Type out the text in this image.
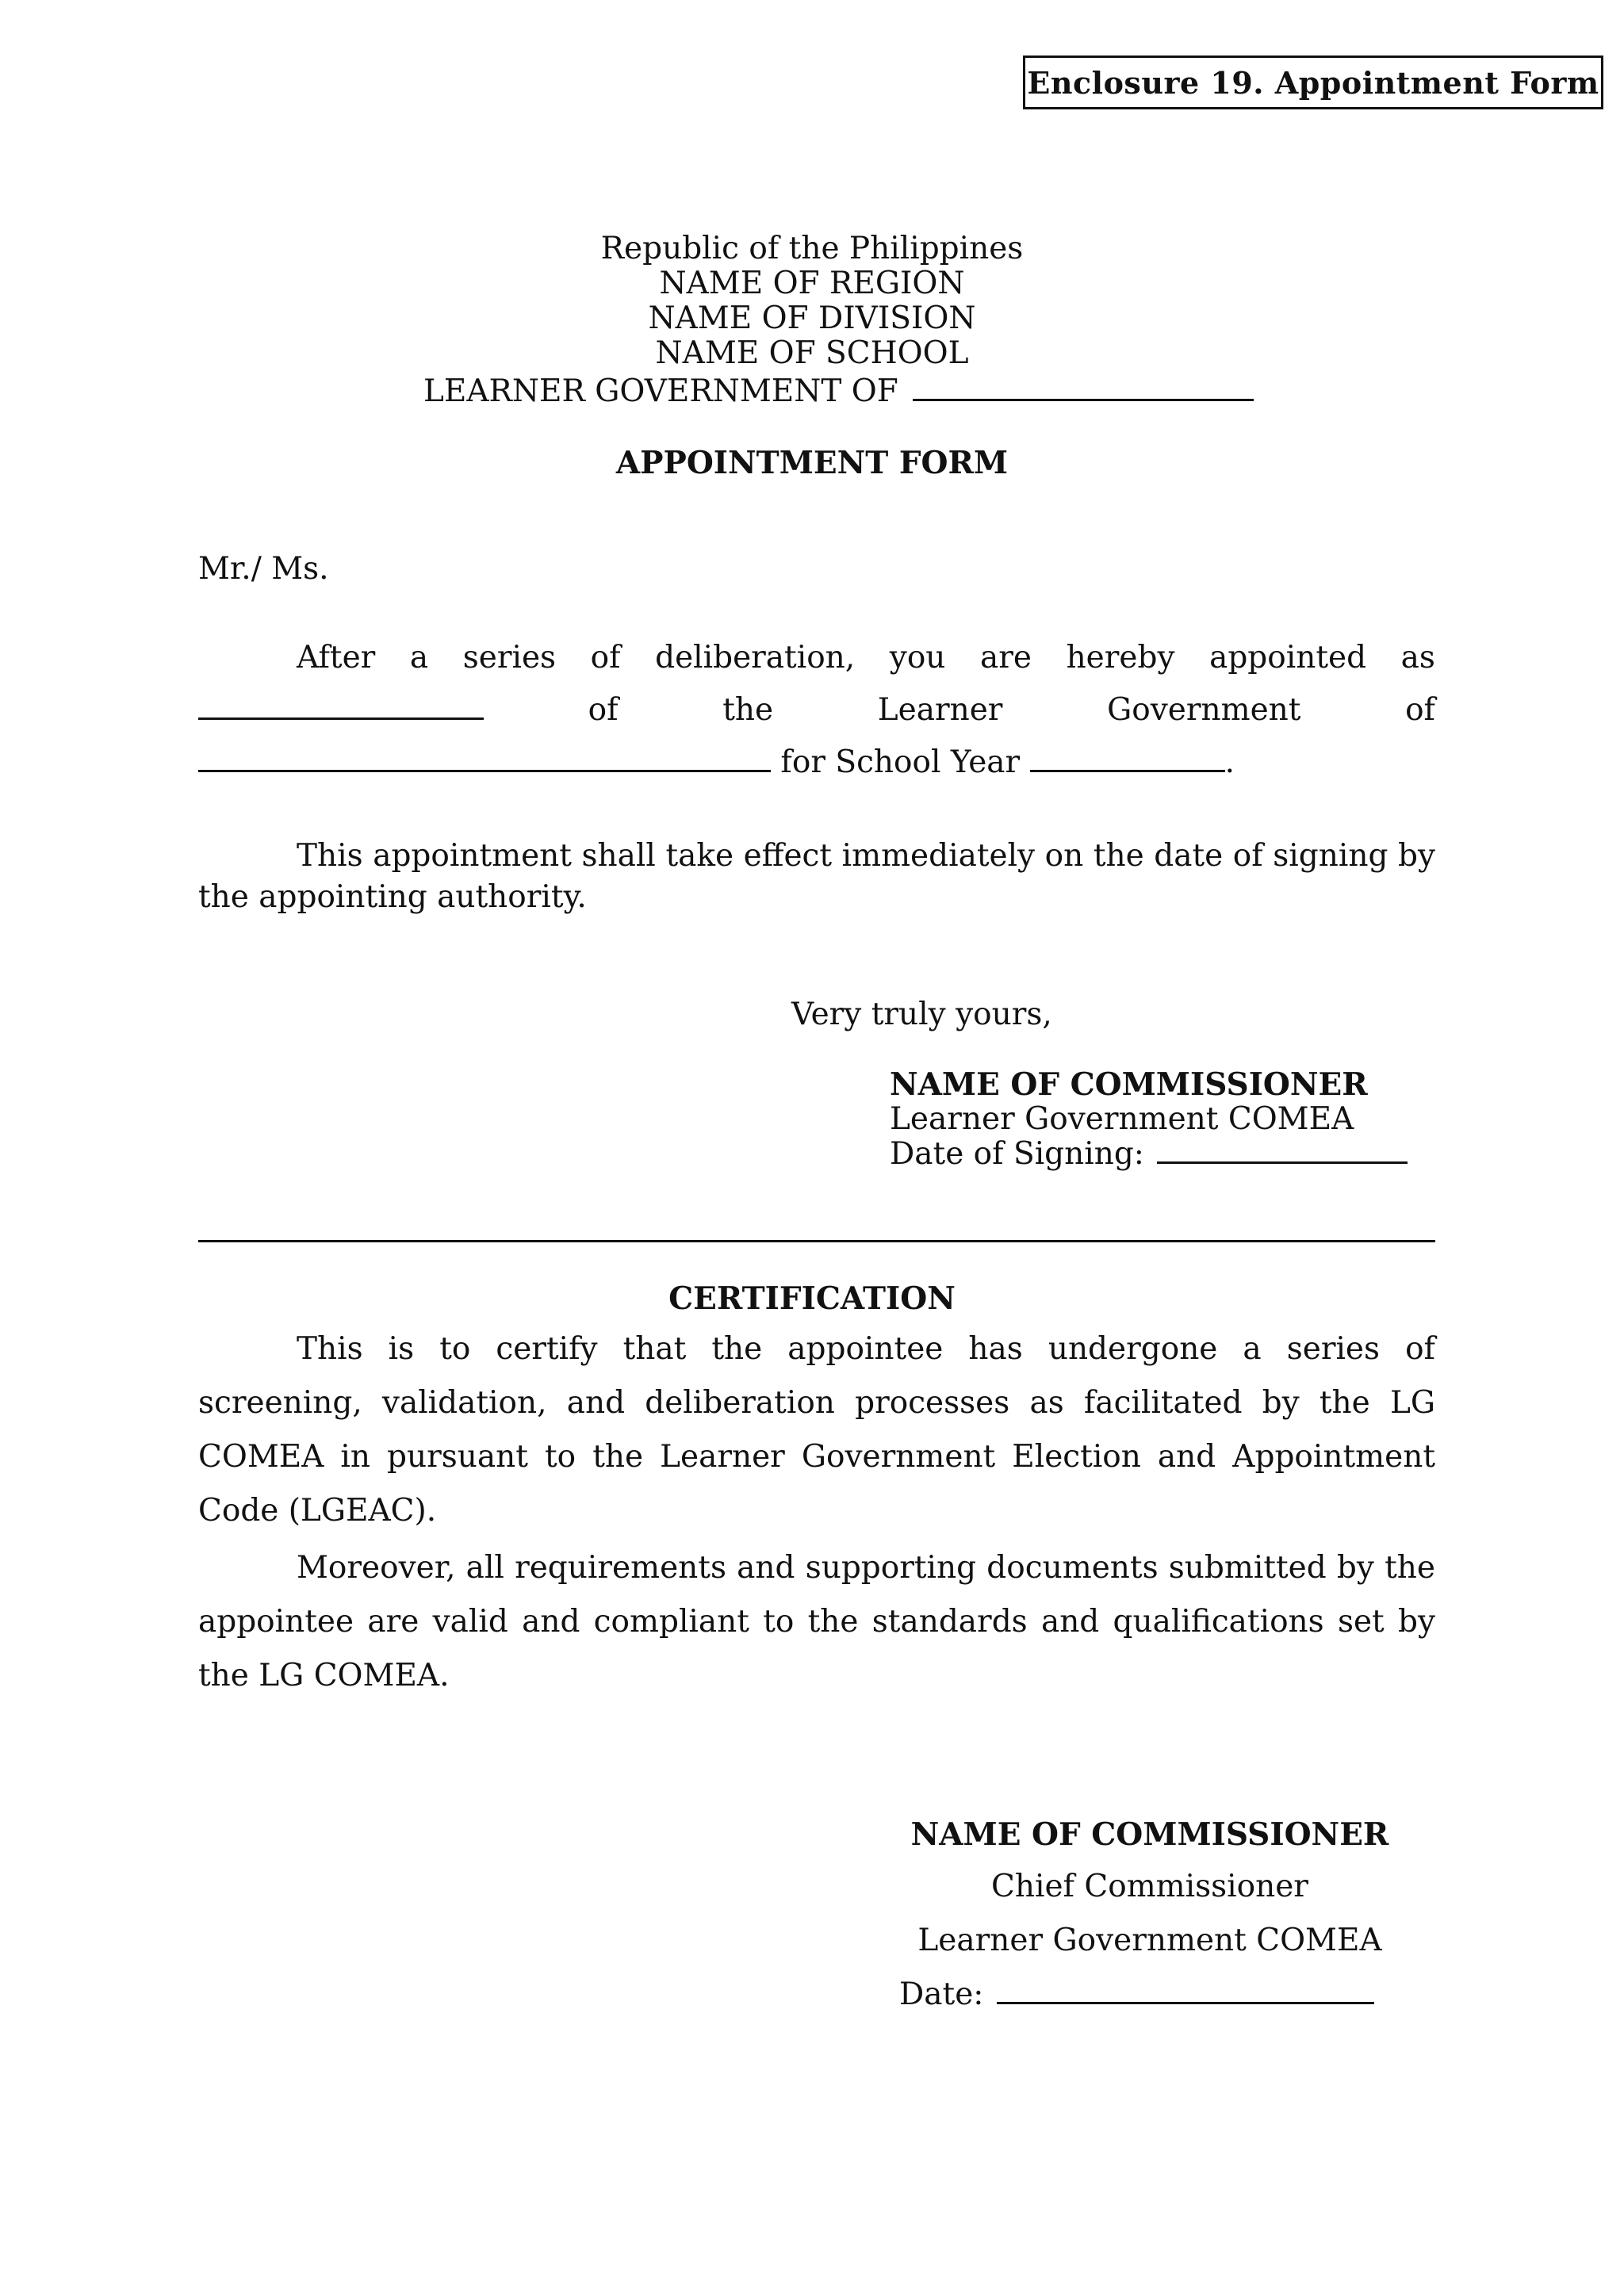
Enclosure 19. Appointment Form
Republic of the Philippines
NAME OF REGION
NAME OF DIVISION
NAME OF SCHOOL
LEARNER GOVERNMENT OF
APPOINTMENT FORM
Mr./ Ms.
After a series of deliberation, you are hereby appointed as
of	the	Learner	Government	of
for School Year	.
This appointment shall take effect immediately on the date of signing by the appointing authority.
Very truly yours,
NAME OF COMMISSIONER
Learner Government COMEA
Date of Signing:
CERTIFICATION
This is to certify that the appointee has undergone a series of screening, validation, and deliberation processes as facilitated by the LG COMEA in pursuant to the Learner Government Election and Appointment Code (LGEAC).
Moreover, all requirements and supporting documents submitted by the appointee are valid and compliant to the standards and qualifications set by the LG COMEA.
NAME OF COMMISSIONER
Chief Commissioner
Learner Government COMEA
Date:
